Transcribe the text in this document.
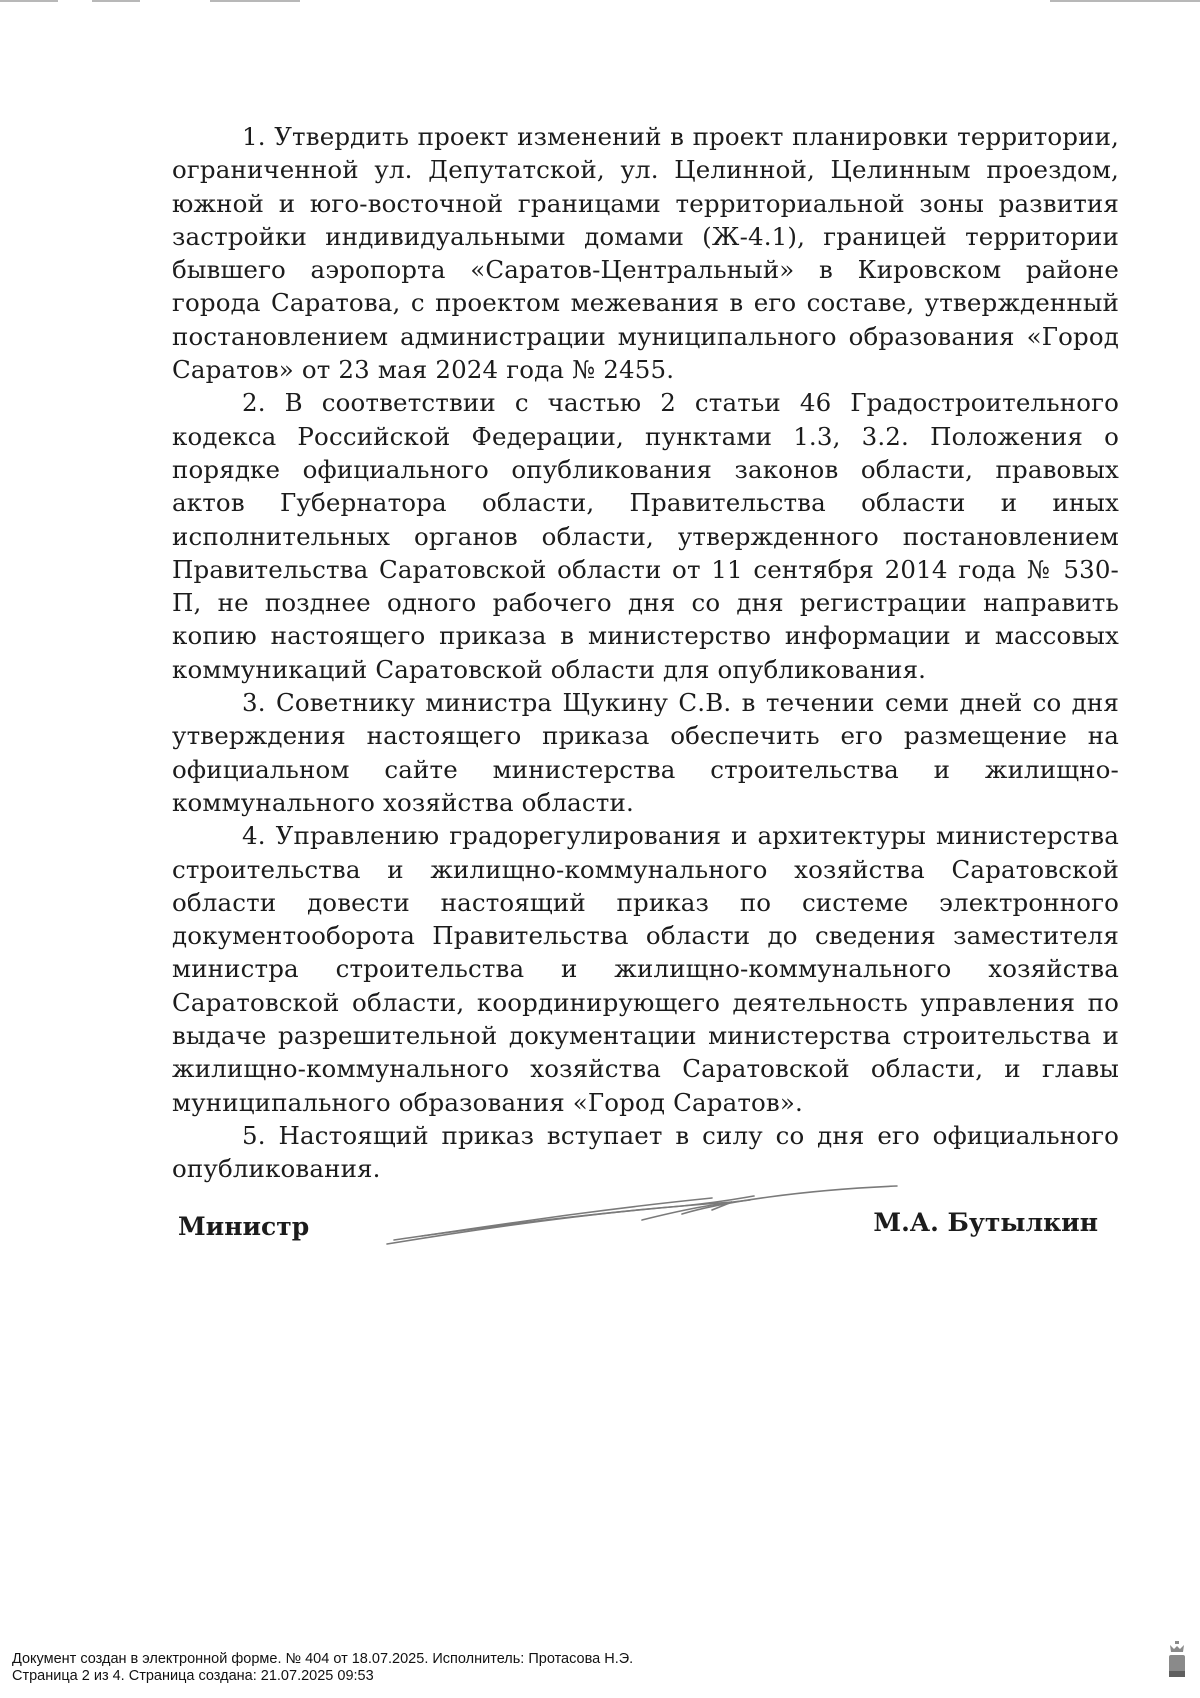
1. Утвердить проект изменений в проект планировки территории, ограниченной ул. Депутатской, ул. Целинной, Целинным проездом, южной и юго-восточной границами территориальной зоны развития застройки индивидуальными домами (Ж-4.1), границей территории бывшего аэропорта «Саратов-Центральный» в Кировском районе города Саратова, с проектом межевания в его составе, утвержденный постановлением администрации муниципального образования «Город Саратов» от 23 мая 2024 года № 2455.

2. В соответствии с частью 2 статьи 46 Градостроительного кодекса Российской Федерации, пунктами 1.3, 3.2. Положения о порядке официального опубликования законов области, правовых актов Губернатора области, Правительства области и иных исполнительных органов области, утвержденного постановлением Правительства Саратовской области от 11 сентября 2014 года № 530-П, не позднее одного рабочего дня со дня регистрации направить копию настоящего приказа в министерство информации и массовых коммуникаций Саратовской области для опубликования.

3. Советнику министра Щукину С.В. в течении семи дней со дня утверждения настоящего приказа обеспечить его размещение на официальном сайте министерства строительства и жилищно-коммунального хозяйства области.

4. Управлению градорегулирования и архитектуры министерства строительства и жилищно-коммунального хозяйства Саратовской области довести настоящий приказ по системе электронного документооборота Правительства области до сведения заместителя министра строительства и жилищно-коммунального хозяйства Саратовской области, координирующего деятельность управления по выдаче разрешительной документации министерства строительства и жилищно-коммунального хозяйства Саратовской области, и главы муниципального образования «Город Саратов».

5. Настоящий приказ вступает в силу со дня его официального опубликования.

Министр	М.А. Бутылкин
Документ создан в электронной форме. № 404 от 18.07.2025. Исполнитель: Протасова Н.Э.
Страница 2 из 4. Страница создана: 21.07.2025 09:53
